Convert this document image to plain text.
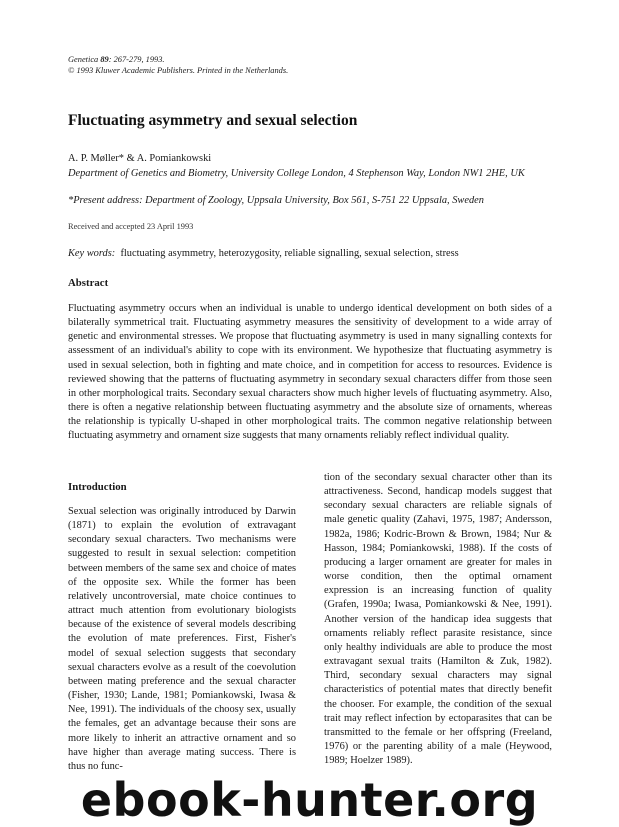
Genetica 89: 267-279, 1993.
© 1993 Kluwer Academic Publishers. Printed in the Netherlands.
Fluctuating asymmetry and sexual selection
A. P. Møller* & A. Pomiankowski
Department of Genetics and Biometry, University College London, 4 Stephenson Way, London NW1 2HE, UK
*Present address: Department of Zoology, Uppsala University, Box 561, S-751 22 Uppsala, Sweden
Received and accepted 23 April 1993
Key words: fluctuating asymmetry, heterozygosity, reliable signalling, sexual selection, stress
Abstract

Fluctuating asymmetry occurs when an individual is unable to undergo identical development on both sides of a bilaterally symmetrical trait. Fluctuating asymmetry measures the sensitivity of development to a wide array of genetic and environmental stresses. We propose that fluctuating asymmetry is used in many signalling contexts for assessment of an individual's ability to cope with its environment. We hypothesize that fluctuating asymmetry is used in sexual selection, both in fighting and mate choice, and in competition for access to resources. Evidence is reviewed showing that the patterns of fluctuating asymmetry in secondary sexual characters differ from those seen in other morphological traits. Secondary sexual characters show much higher levels of fluctuating asymmetry. Also, there is often a negative relationship between fluctuating asymmetry and the absolute size of ornaments, whereas the relationship is typically U-shaped in other morphological traits. The common negative relationship between fluctuating asymmetry and ornament size suggests that many ornaments reliably reflect individual quality.

Introduction

Sexual selection was originally introduced by Darwin (1871) to explain the evolution of extravagant secondary sexual characters. Two mechanisms were suggested to result in sexual selection: competition between members of the same sex and choice of mates of the opposite sex. While the former has been relatively uncontroversial, mate choice continues to attract much attention from evolutionary biologists because of the existence of several models describing the evolution of mate preferences. First, Fisher's model of sexual selection suggests that secondary sexual characters evolve as a result of the coevolution between mating preference and the sexual character (Fisher, 1930; Lande, 1981; Pomiankowski, Iwasa & Nee, 1991). The individuals of the choosy sex, usually the females, get an advantage because their sons are more likely to inherit an attractive ornament and so have higher than average mating success. There is thus no func-

tion of the secondary sexual character other than its attractiveness. Second, handicap models suggest that secondary sexual characters are reliable signals of male genetic quality (Zahavi, 1975, 1987; Andersson, 1982a, 1986; Kodric-Brown & Brown, 1984; Nur & Hasson, 1984; Pomiankowski, 1988). If the costs of producing a larger ornament are greater for males in worse condition, then the optimal ornament expression is an increasing function of quality (Grafen, 1990a; Iwasa, Pomiankowski & Nee, 1991). Another version of the handicap idea suggests that ornaments reliably reflect parasite resistance, since only healthy individuals are able to produce the most extravagant sexual traits (Hamilton & Zuk, 1982). Third, secondary sexual characters may signal characteristics of potential mates that directly benefit the chooser. For example, the condition of the sexual trait may reflect infection by ectoparasites that can be transmitted to the female or her offspring (Freeland, 1976) or the parenting ability of a male (Heywood, 1989; Hoelzer 1989).

ebook-hunter.org
